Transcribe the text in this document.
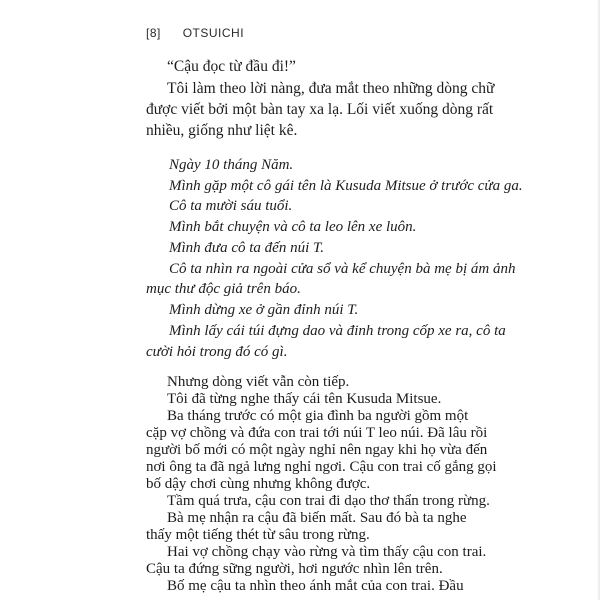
[8] OTSUICHI
“Cậu đọc từ đầu đi!”
Tôi làm theo lời nàng, đưa mắt theo những dòng chữ
được viết bởi một bàn tay xa lạ. Lối viết xuống dòng rất
nhiều, giống như liệt kê.
Ngày 10 tháng Năm.
Mình gặp một cô gái tên là Kusuda Mitsue ở trước cửa ga.
Cô ta mười sáu tuổi.
Mình bắt chuyện và cô ta leo lên xe luôn.
Mình đưa cô ta đến núi T.
Cô ta nhìn ra ngoài cửa sổ và kể chuyện bà mẹ bị ám ảnh
mục thư độc giả trên báo.
Mình dừng xe ở gần đỉnh núi T.
Mình lấy cái túi đựng dao và đinh trong cốp xe ra, cô ta
cười hỏi trong đó có gì.
Nhưng dòng viết vẫn còn tiếp.
Tôi đã từng nghe thấy cái tên Kusuda Mitsue.
Ba tháng trước có một gia đình ba người gồm một
cặp vợ chồng và đứa con trai tới núi T leo núi. Đã lâu rồi
người bố mới có một ngày nghỉ nên ngay khi họ vừa đến
nơi ông ta đã ngả lưng nghỉ ngơi. Cậu con trai cố gắng gọi
bố dậy chơi cùng nhưng không được.
Tầm quá trưa, cậu con trai đi dạo thơ thẩn trong rừng.
Bà mẹ nhận ra cậu đã biến mất. Sau đó bà ta nghe
thấy một tiếng thét từ sâu trong rừng.
Hai vợ chồng chạy vào rừng và tìm thấy cậu con trai.
Cậu ta đứng sững người, hơi ngước nhìn lên trên.
Bố mẹ cậu ta nhìn theo ánh mắt của con trai. Đầu
